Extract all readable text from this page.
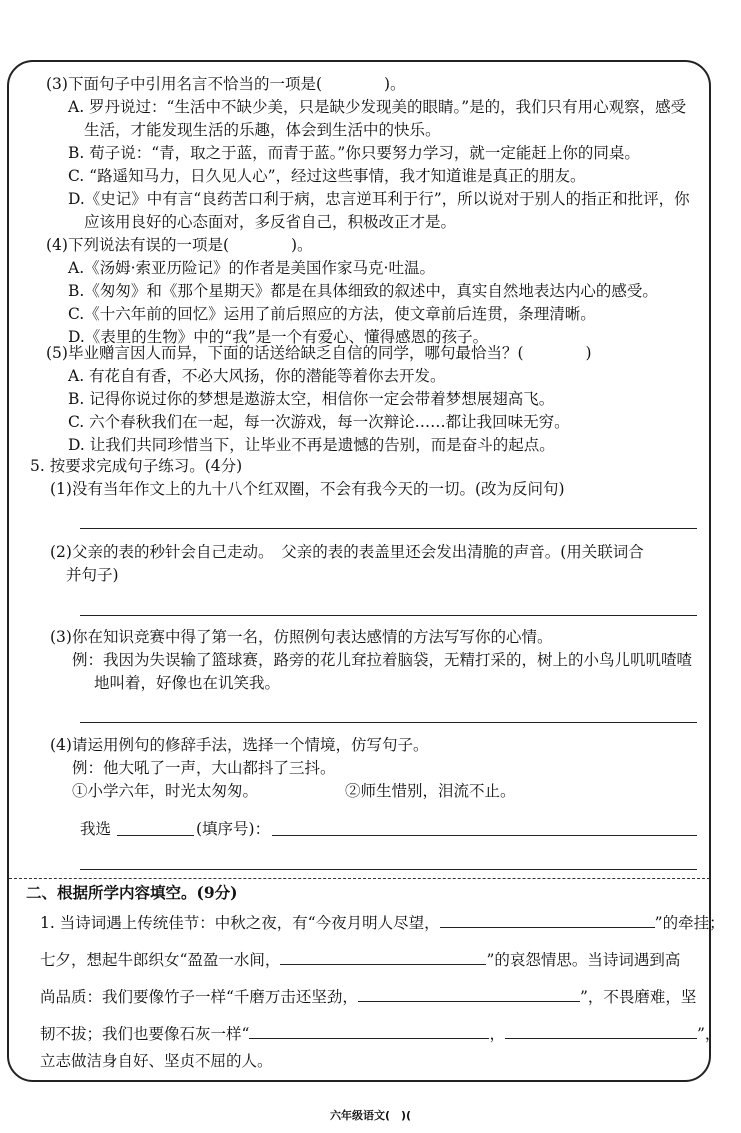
(3)下面句子中引用名言不恰当的一项是(　　　　)。
A. 罗丹说过：“生活中不缺少美，只是缺少发现美的眼睛。”是的，我们只有用心观察，感受
生活，才能发现生活的乐趣，体会到生活中的快乐。
B. 荀子说：“青，取之于蓝，而青于蓝。”你只要努力学习，就一定能赶上你的同桌。
C. “路遥知马力，日久见人心”，经过这些事情，我才知道谁是真正的朋友。
D.《史记》中有言“良药苦口利于病，忠言逆耳利于行”，所以说对于别人的指正和批评，你
应该用良好的心态面对，多反省自己，积极改正才是。
(4)下列说法有误的一项是(　　　　)。
A.《汤姆·索亚历险记》的作者是美国作家马克·吐温。
B.《匆匆》和《那个星期天》都是在具体细致的叙述中，真实自然地表达内心的感受。
C.《十六年前的回忆》运用了前后照应的方法，使文章前后连贯，条理清晰。
D.《表里的生物》中的“我”是一个有爱心、懂得感恩的孩子。
(5)毕业赠言因人而异，下面的话送给缺乏自信的同学，哪句最恰当？(　　　　)
A. 有花自有香，不必大风扬，你的潜能等着你去开发。
B. 记得你说过你的梦想是遨游太空，相信你一定会带着梦想展翅高飞。
C. 六个春秋我们在一起，每一次游戏，每一次辩论……都让我回味无穷。
D. 让我们共同珍惜当下，让毕业不再是遗憾的告别，而是奋斗的起点。
5. 按要求完成句子练习。(4分)
(1)没有当年作文上的九十八个红双圈，不会有我今天的一切。(改为反问句)
(2)父亲的表的秒针会自己走动。　父亲的表的表盖里还会发出清脆的声音。(用关联词合
并句子)
(3)你在知识竞赛中得了第一名，仿照例句表达感情的方法写写你的心情。
例：我因为失误输了篮球赛，路旁的花儿耷拉着脑袋，无精打采的，树上的小鸟儿叽叽喳喳
地叫着，好像也在讥笑我。
(4)请运用例句的修辞手法，选择一个情境，仿写句子。
例：他大吼了一声，大山都抖了三抖。
①小学六年，时光太匆匆。	②师生惜别，泪流不止。
我选	(填序号)：
二、根据所学内容填空。(9分)
1. 当诗词遇上传统佳节：中秋之夜，有“今夜月明人尽望，	”的牵挂；
七夕，想起牛郎织女“盈盈一水间，	”的哀怨情思。当诗词遇到高
尚品质：我们要像竹子一样“千磨万击还坚劲，	”，不畏磨难，坚
韧不拔；我们也要像石灰一样“	，	”，
立志做洁身自好、坚贞不屈的人。
六年级语文(　)(
